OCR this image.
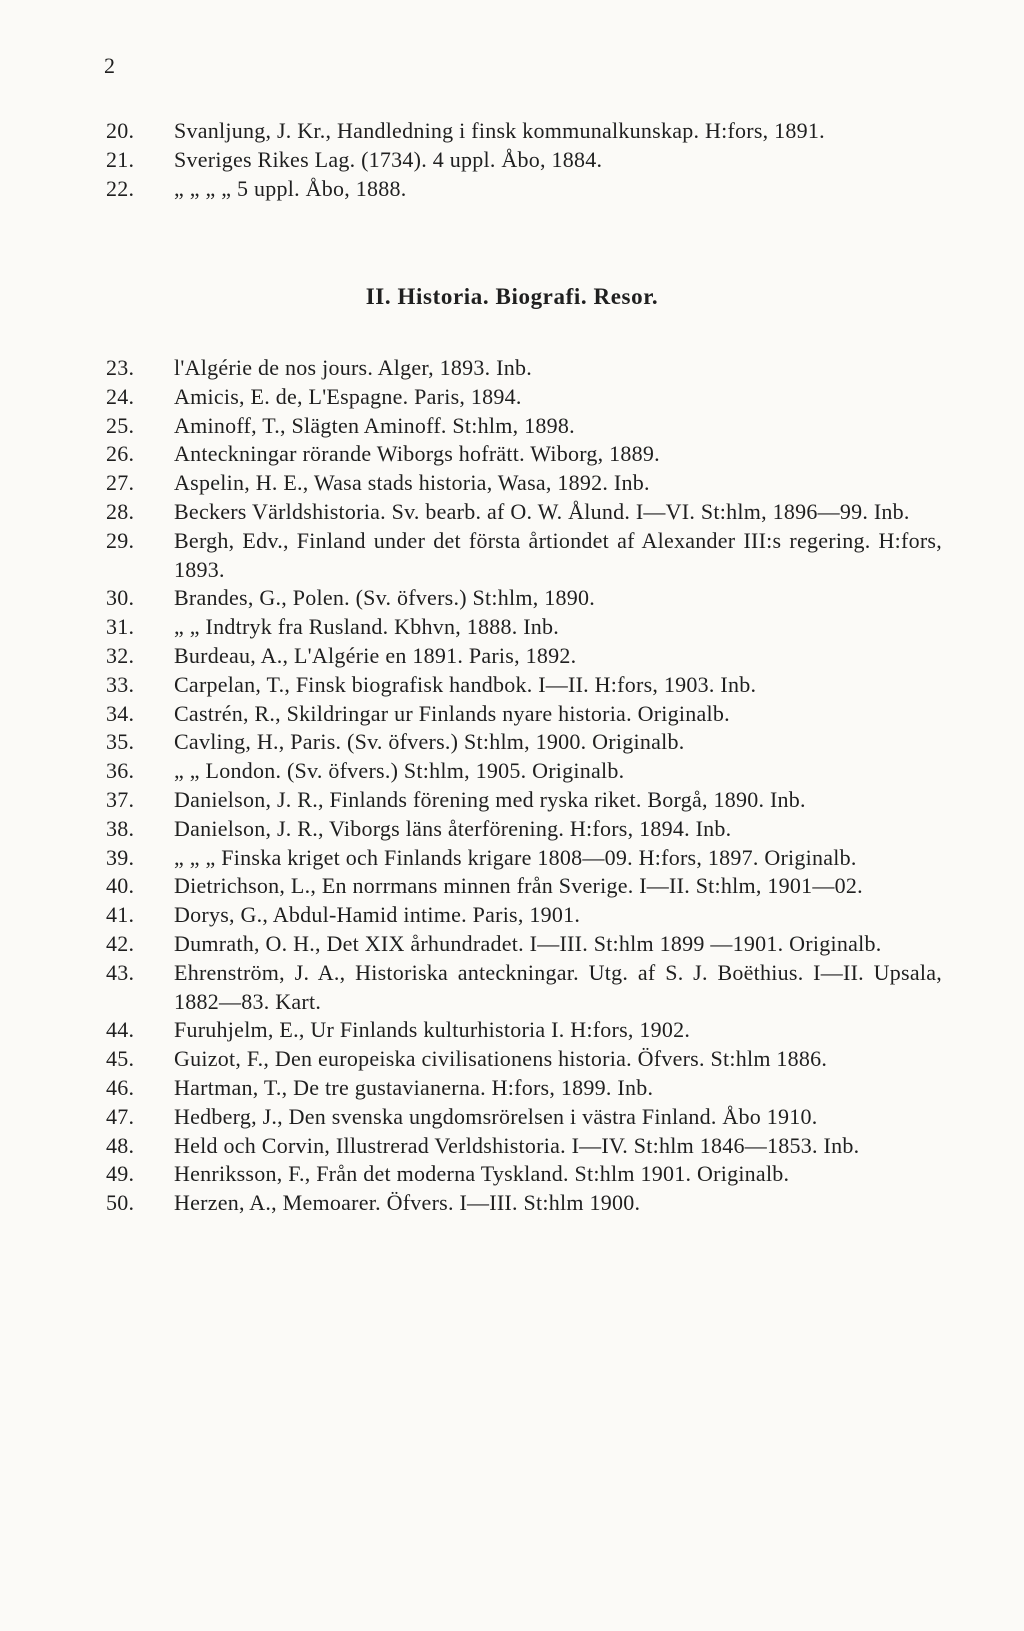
2
20.	Svanljung, J. Kr., Handledning i finsk kommunalkunskap. H:fors, 1891.
21.	Sveriges Rikes Lag. (1734). 4 uppl. Åbo, 1884.
22.	„ „ „ „ 5 uppl. Åbo, 1888.
II. Historia. Biografi. Resor.
23.	l'Algérie de nos jours. Alger, 1893. Inb.
24.	Amicis, E. de, L'Espagne. Paris, 1894.
25.	Aminoff, T., Slägten Aminoff. St:hlm, 1898.
26.	Anteckningar rörande Wiborgs hofrätt. Wiborg, 1889.
27.	Aspelin, H. E., Wasa stads historia, Wasa, 1892. Inb.
28.	Beckers Världshistoria. Sv. bearb. af O. W. Ålund. I—VI. St:hlm, 1896—99. Inb.
29.	Bergh, Edv., Finland under det första årtiondet af Alexander III:s regering. H:fors, 1893.
30.	Brandes, G., Polen. (Sv. öfvers.) St:hlm, 1890.
31.	„ „ Indtryk fra Rusland. Kbhvn, 1888. Inb.
32.	Burdeau, A., L'Algérie en 1891. Paris, 1892.
33.	Carpelan, T., Finsk biografisk handbok. I—II. H:fors, 1903. Inb.
34.	Castrén, R., Skildringar ur Finlands nyare historia. Originalb.
35.	Cavling, H., Paris. (Sv. öfvers.) St:hlm, 1900. Originalb.
36.	„ „ London. (Sv. öfvers.) St:hlm, 1905. Originalb.
37.	Danielson, J. R., Finlands förening med ryska riket. Borgå, 1890. Inb.
38.	Danielson, J. R., Viborgs läns återförening. H:fors, 1894. Inb.
39.	„ „ „ Finska kriget och Finlands krigare 1808—09. H:fors, 1897. Originalb.
40.	Dietrichson, L., En norrmans minnen från Sverige. I—II. St:hlm, 1901—02.
41.	Dorys, G., Abdul-Hamid intime. Paris, 1901.
42.	Dumrath, O. H., Det XIX århundradet. I—III. St:hlm 1899 —1901. Originalb.
43.	Ehrenström, J. A., Historiska anteckningar. Utg. af S. J. Boëthius. I—II. Upsala, 1882—83. Kart.
44.	Furuhjelm, E., Ur Finlands kulturhistoria I. H:fors, 1902.
45.	Guizot, F., Den europeiska civilisationens historia. Öfvers. St:hlm 1886.
46.	Hartman, T., De tre gustavianerna. H:fors, 1899. Inb.
47.	Hedberg, J., Den svenska ungdomsrörelsen i västra Finland. Åbo 1910.
48.	Held och Corvin, Illustrerad Verldshistoria. I—IV. St:hlm 1846—1853. Inb.
49.	Henriksson, F., Från det moderna Tyskland. St:hlm 1901. Originalb.
50.	Herzen, A., Memoarer. Öfvers. I—III. St:hlm 1900.
